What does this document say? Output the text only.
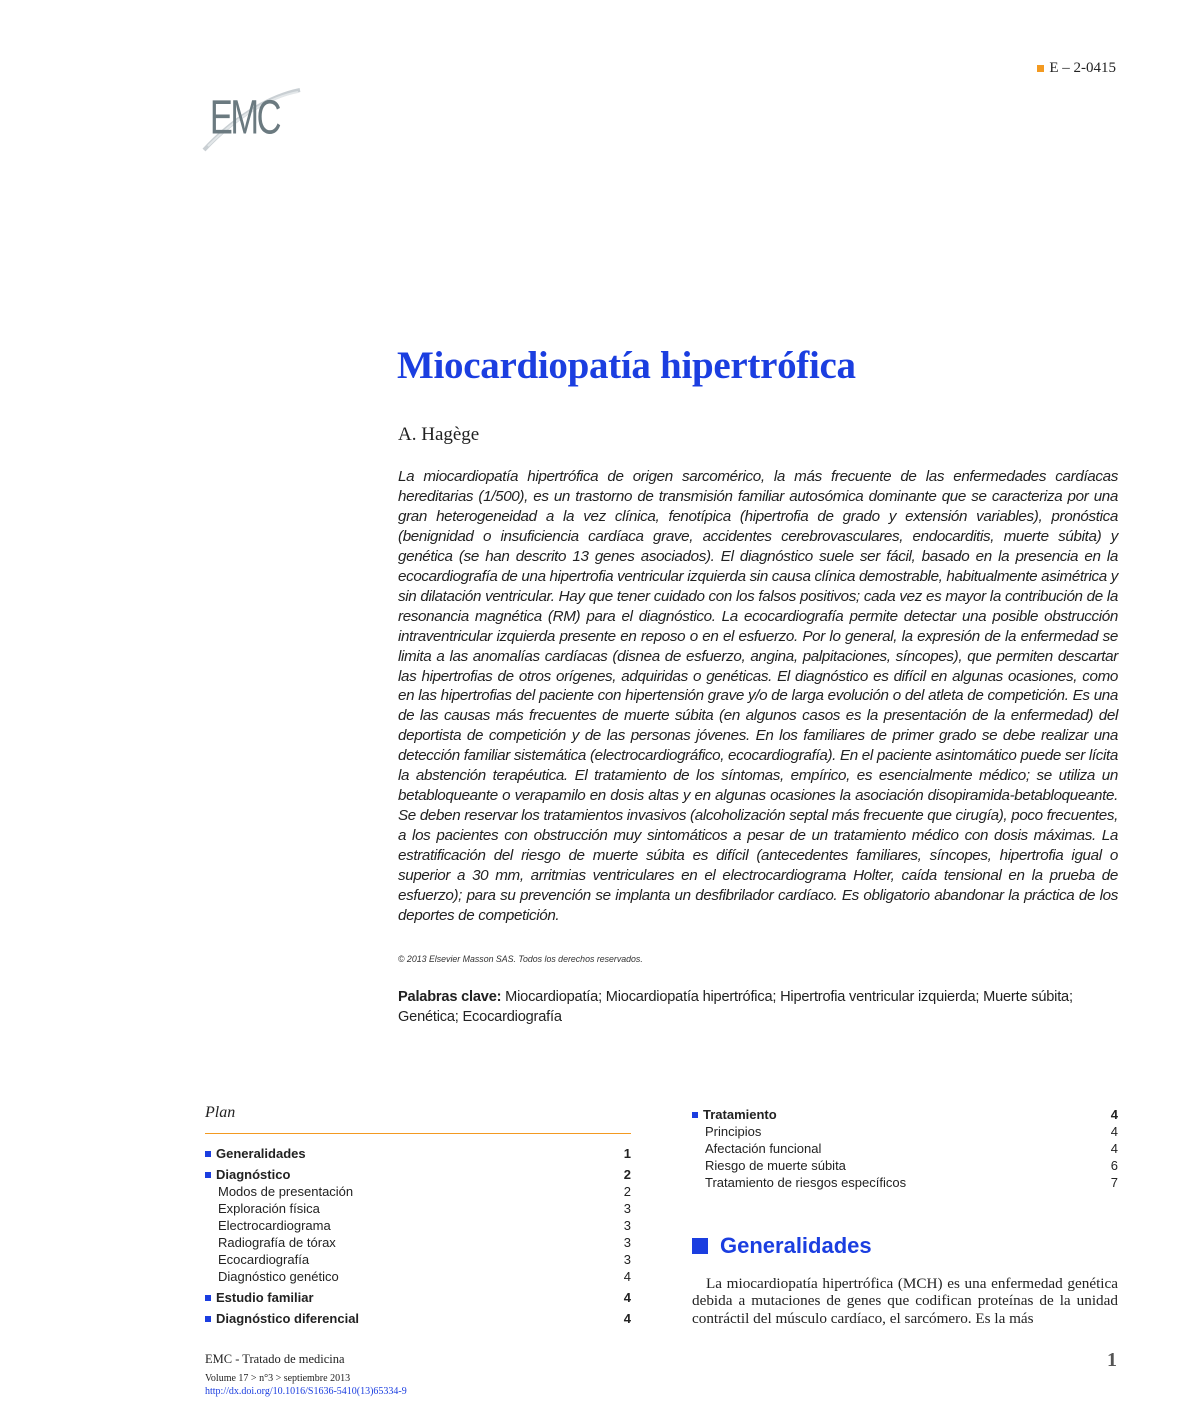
EMC
E – 2-0415
Miocardiopatía hipertrófica
A. Hagège

La miocardiopatía hipertrófica de origen sarcomérico, la más frecuente de las enfermedades cardíacas hereditarias (1/500), es un trastorno de transmisión familiar autosómica dominante que se caracteriza por una gran heterogeneidad a la vez clínica, fenotípica (hipertrofia de grado y extensión variables), pronóstica (benignidad o insuficiencia cardíaca grave, accidentes cerebrovasculares, endocarditis, muerte súbita) y genética (se han descrito 13 genes asociados). El diagnóstico suele ser fácil, basado en la presencia en la ecocardiografía de una hipertrofia ventricular izquierda sin causa clínica demostrable, habitualmente asimétrica y sin dilatación ventricular. Hay que tener cuidado con los falsos positivos; cada vez es mayor la contribución de la resonancia magnética (RM) para el diagnóstico. La ecocardiografía permite detectar una posible obstrucción intraventricular izquierda presente en reposo o en el esfuerzo. Por lo general, la expresión de la enfermedad se limita a las anomalías cardíacas (disnea de esfuerzo, angina, palpitaciones, síncopes), que permiten descartar las hipertrofias de otros orígenes, adquiridas o genéticas. El diagnóstico es difícil en algunas ocasiones, como en las hipertrofias del paciente con hipertensión grave y/o de larga evolución o del atleta de competición. Es una de las causas más frecuentes de muerte súbita (en algunos casos es la presentación de la enfermedad) del deportista de competición y de las personas jóvenes. En los familiares de primer grado se debe realizar una detección familiar sistemática (electrocardiográfico, ecocardiografía). En el paciente asintomático puede ser lícita la abstención terapéutica. El tratamiento de los síntomas, empírico, es esencialmente médico; se utiliza un betabloqueante o verapamilo en dosis altas y en algunas ocasiones la asociación disopiramida-betabloqueante. Se deben reservar los tratamientos invasivos (alcoholización septal más frecuente que cirugía), poco frecuentes, a los pacientes con obstrucción muy sintomáticos a pesar de un tratamiento médico con dosis máximas. La estratificación del riesgo de muerte súbita es difícil (antecedentes familiares, síncopes, hipertrofia igual o superior a 30 mm, arritmias ventriculares en el electrocardiograma Holter, caída tensional en la prueba de esfuerzo); para su prevención se implanta un desfibrilador cardíaco. Es obligatorio abandonar la práctica de los deportes de competición.

© 2013 Elsevier Masson SAS. Todos los derechos reservados.
Palabras clave: Miocardiopatía; Miocardiopatía hipertrófica; Hipertrofia ventricular izquierda; Muerte súbita; Genética; Ecocardiografía
Plan
Generalidades	1
Diagnóstico	2
Modos de presentación	2
Exploración física	3
Electrocardiograma	3
Radiografía de tórax	3
Ecocardiografía	3
Diagnóstico genético	4
Estudio familiar	4
Diagnóstico diferencial	4
Tratamiento	4
Principios	4
Afectación funcional	4
Riesgo de muerte súbita	6
Tratamiento de riesgos específicos	7
Generalidades

La miocardiopatía hipertrófica (MCH) es una enfermedad genética debida a mutaciones de genes que codifican proteínas de la unidad contráctil del músculo cardíaco, el sarcómero. Es la más

EMC - Tratado de medicina
Volume 17 > n°3 > septiembre 2013
http://dx.doi.org/10.1016/S1636-5410(13)65334-9
1
